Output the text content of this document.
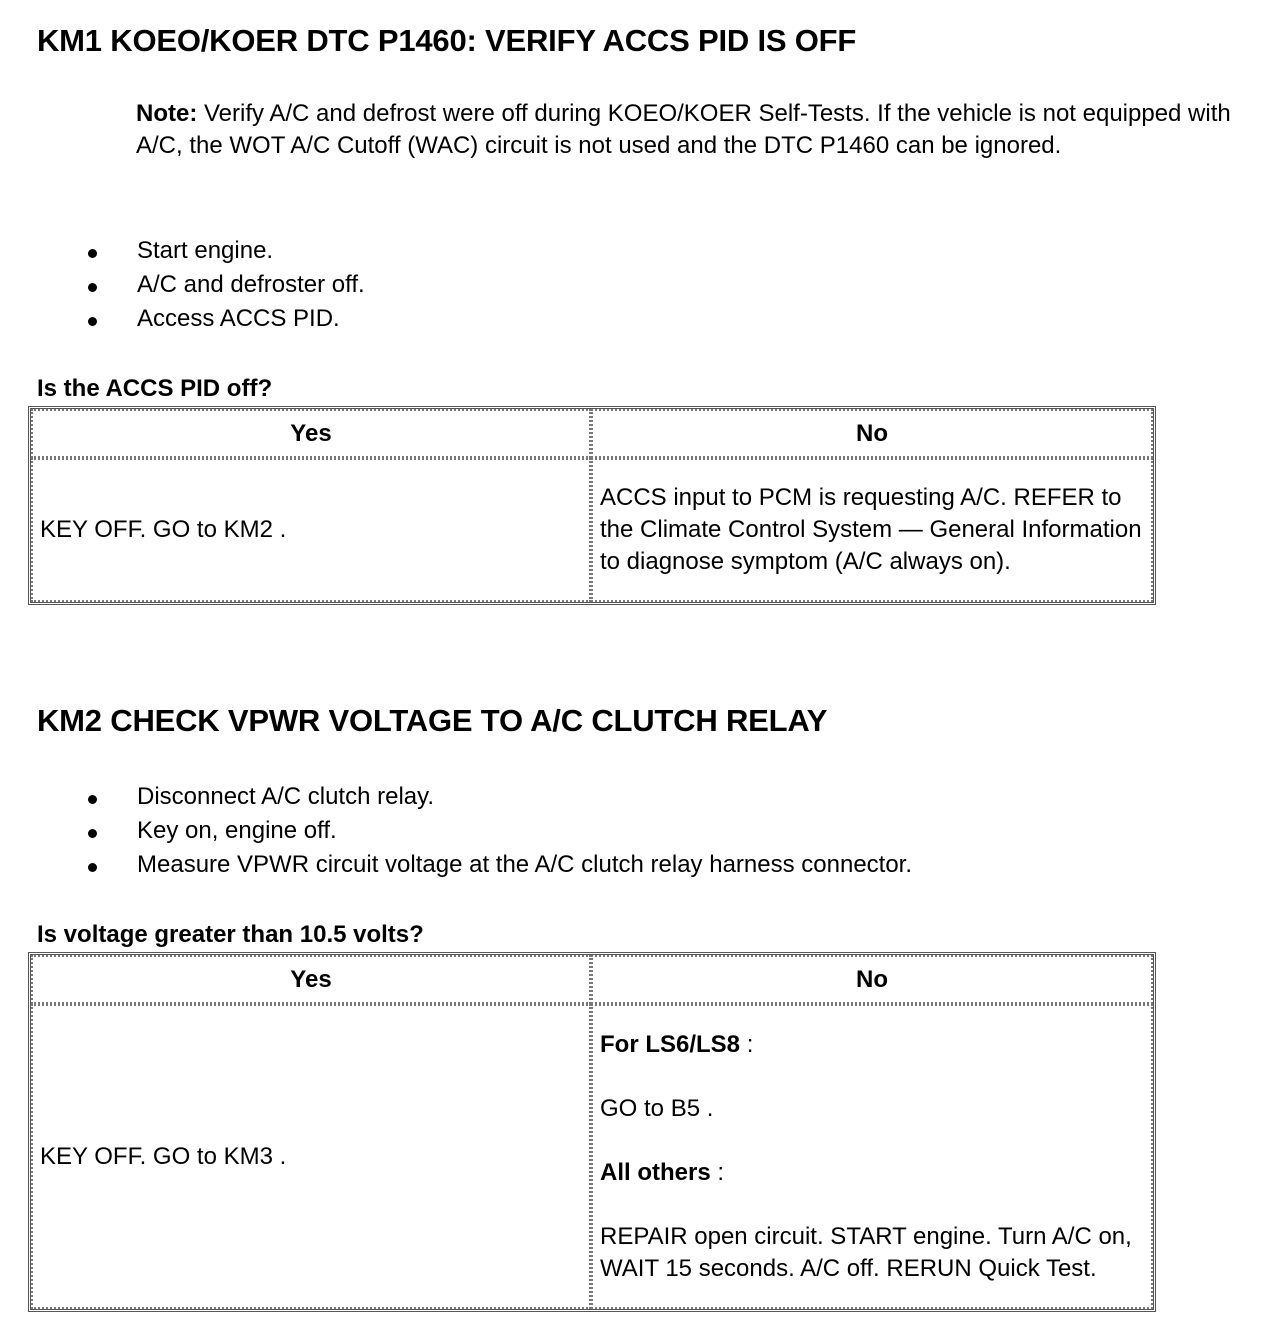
KM1 KOEO/KOER DTC P1460: VERIFY ACCS PID IS OFF
Note: Verify A/C and defrost were off during KOEO/KOER Self-Tests. If the vehicle is not equipped with A/C, the WOT A/C Cutoff (WAC) circuit is not used and the DTC P1460 can be ignored.
Start engine.
A/C and defroster off.
Access ACCS PID.
Is the ACCS PID off?
Yes	No
KEY OFF. GO to KM2 .	ACCS input to PCM is requesting A/C. REFER to the Climate Control System — General Information to diagnose symptom (A/C always on).
KM2 CHECK VPWR VOLTAGE TO A/C CLUTCH RELAY
Disconnect A/C clutch relay.
Key on, engine off.
Measure VPWR circuit voltage at the A/C clutch relay harness connector.
Is voltage greater than 10.5 volts?
Yes	No
KEY OFF. GO to KM3 .	For LS6/LS8 :

GO to B5 .

All others :

REPAIR open circuit. START engine. Turn A/C on, WAIT 15 seconds. A/C off. RERUN Quick Test.
